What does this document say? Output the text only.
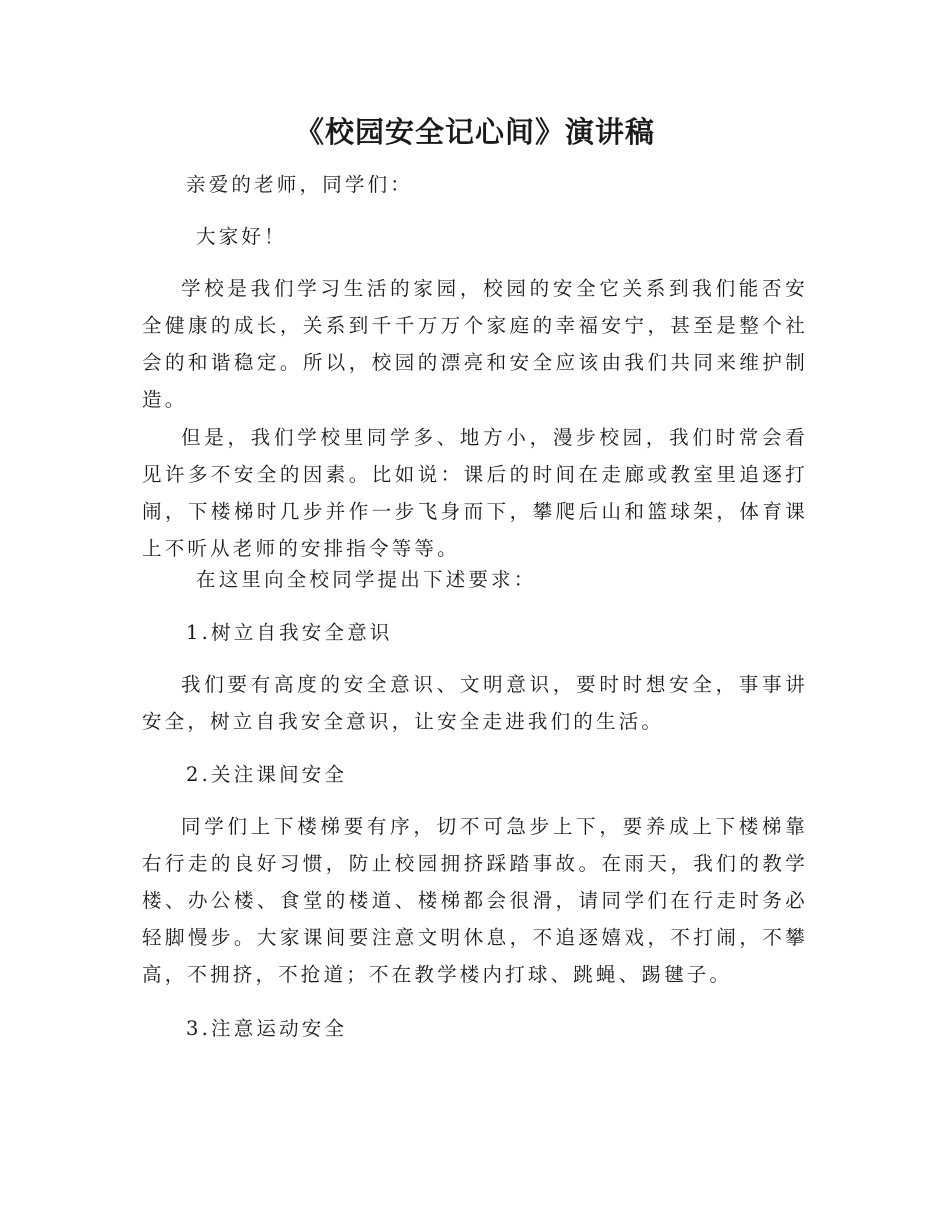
《校园安全记心间》演讲稿

亲爱的老师，同学们：

大家好！

学校是我们学习生活的家园，校园的安全它关系到我们能否安全健康的成长，关系到千千万万个家庭的幸福安宁，甚至是整个社会的和谐稳定。所以，校园的漂亮和安全应该由我们共同来维护制造。

但是，我们学校里同学多、地方小，漫步校园，我们时常会看见许多不安全的因素。比如说：课后的时间在走廊或教室里追逐打闹，下楼梯时几步并作一步飞身而下，攀爬后山和篮球架，体育课上不听从老师的安排指令等等。

在这里向全校同学提出下述要求：

1.树立自我安全意识

我们要有高度的安全意识、文明意识，要时时想安全，事事讲安全，树立自我安全意识，让安全走进我们的生活。

2.关注课间安全

同学们上下楼梯要有序，切不可急步上下，要养成上下楼梯靠右行走的良好习惯，防止校园拥挤踩踏事故。在雨天，我们的教学楼、办公楼、食堂的楼道、楼梯都会很滑，请同学们在行走时务必轻脚慢步。大家课间要注意文明休息，不追逐嬉戏，不打闹，不攀高，不拥挤，不抢道；不在教学楼内打球、跳蝇、踢毽子。

3.注意运动安全
